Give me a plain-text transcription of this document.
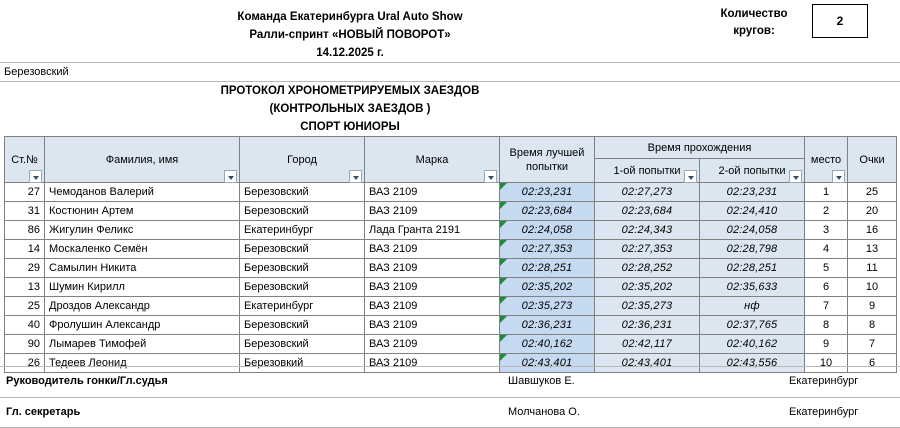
Команда Екатеринбурга Ural Auto Show
Ралли-спринт «НОВЫЙ ПОВОРОТ»
14.12.2025 г.
Количество кругов:
2
Березовский
ПРОТОКОЛ ХРОНОМЕТРИРУЕМЫХ ЗАЕЗДОВ
(КОНТРОЛЬНЫХ ЗАЕЗДОВ )
СПОРТ ЮНИОРЫ
Ст.№	Фамилия, имя	Город	Марка	Время лучшей попытки	Время прохождения		место	Очки

					1-ой попытки	2-ой попытки		

27	Чемоданов Валерий	Березовский	ВАЗ 2109	02:23,231	02:27,273	02:23,231	1	25
31	Костюнин Артем	Березовский	ВАЗ 2109	02:23,684	02:23,684	02:24,410	2	20
86	Жигулин Феликс	Екатеринбург	Лада Гранта 2191	02:24,058	02:24,343	02:24,058	3	16
14	Москаленко Семён	Березовский	ВАЗ 2109	02:27,353	02:27,353	02:28,798	4	13
29	Самылин Никита	Березовский	ВАЗ 2109	02:28,251	02:28,252	02:28,251	5	11
13	Шумин Кирилл	Березовский	ВАЗ 2109	02:35,202	02:35,202	02:35,633	6	10
25	Дроздов Александр	Екатеринбург	ВАЗ 2109	02:35,273	02:35,273	нф	7	9
40	Фролушин Александр	Березовский	ВАЗ 2109	02:36,231	02:36,231	02:37,765	8	8
90	Лымарев Тимофей	Березовский	ВАЗ 2109	02:40,162	02:42,117	02:40,162	9	7
26	Тедеев Леонид	Березовкий	ВАЗ 2109	02:43,401	02:43,401	02:43,556	10	6
Руководитель гонки/Гл.судья	Шавшуков Е.	Екатеринбург
Гл. секретарь	Молчанова О.	Екатеринбург
